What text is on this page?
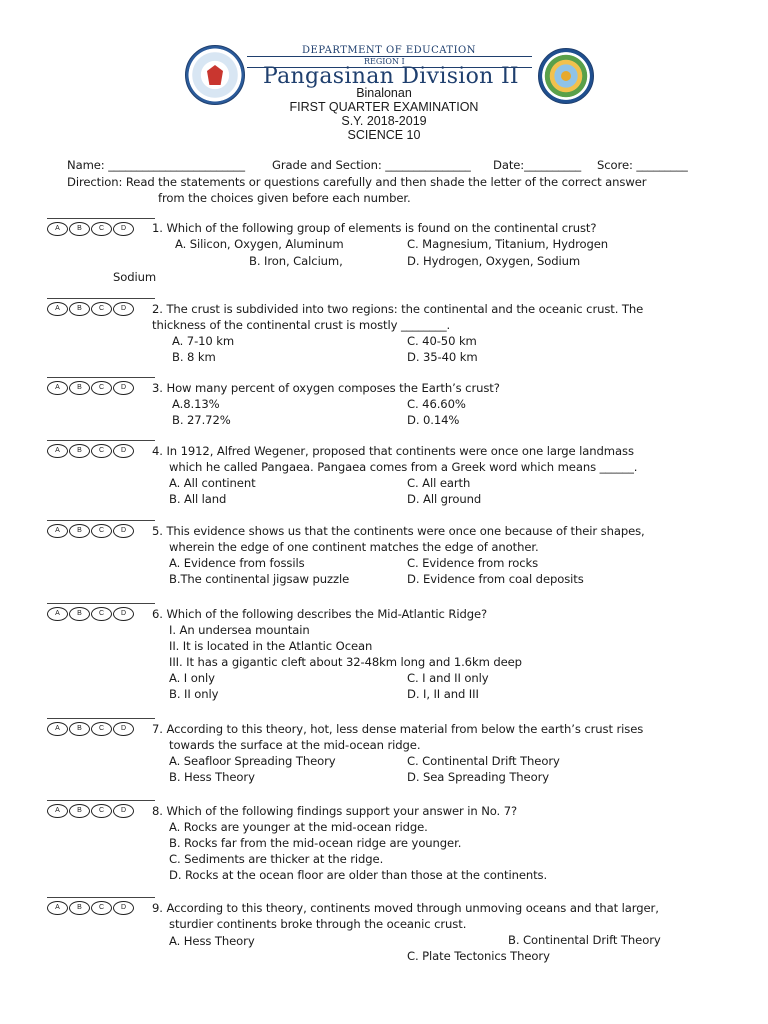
DEPARTMENT OF EDUCATION
REGION I
Pangasinan Division II
Binalonan
FIRST QUARTER EXAMINATION
S.Y. 2018-2019
SCIENCE 10
Name: ________________________ Grade and Section: _______________ Date:__________ Score: _________
Direction: Read the statements or questions carefully and then shade the letter of the correct answer
from the choices given before each number.
A	B	C	D	1. Which of the following group of elements is found on the continental crust?
A. Silicon, Oxygen, Aluminum	C. Magnesium, Titanium, Hydrogen
B. Iron, Calcium,	D. Hydrogen, Oxygen, Sodium
Sodium
A	B	C	D	2. The crust is subdivided into two regions: the continental and the oceanic crust. The
thickness of the continental crust is mostly ________.
A. 7-10 km	C. 40-50 km
B. 8 km	D. 35-40 km
A	B	C	D	3. How many percent of oxygen composes the Earth’s crust?
A.8.13%	C. 46.60%
B. 27.72%	D. 0.14%
A	B	C	D	4. In 1912, Alfred Wegener, proposed that continents were once one large landmass
which he called Pangaea. Pangaea comes from a Greek word which means ______.
A. All continent	C. All earth
B. All land	D. All ground
A	B	C	D	5. This evidence shows us that the continents were once one because of their shapes,
wherein the edge of one continent matches the edge of another.
A. Evidence from fossils	C. Evidence from rocks
B.The continental jigsaw puzzle	D. Evidence from coal deposits
A	B	C	D	6. Which of the following describes the Mid-Atlantic Ridge?
I. An undersea mountain
II. It is located in the Atlantic Ocean
III. It has a gigantic cleft about 32-48km long and 1.6km deep
A. I only	C. I and II only
B. II only	D. I, II and III
A	B	C	D	7. According to this theory, hot, less dense material from below the earth’s crust rises
towards the surface at the mid-ocean ridge.
A. Seafloor Spreading Theory	C. Continental Drift Theory
B. Hess Theory	D. Sea Spreading Theory
A	B	C	D	8. Which of the following findings support your answer in No. 7?
A. Rocks are younger at the mid-ocean ridge.
B. Rocks far from the mid-ocean ridge are younger.
C. Sediments are thicker at the ridge.
D. Rocks at the ocean floor are older than those at the continents.
A	B	C	D	9. According to this theory, continents moved through unmoving oceans and that larger,
sturdier continents broke through the oceanic crust.
A. Hess Theory	B. Continental Drift Theory
C. Plate Tectonics Theory
